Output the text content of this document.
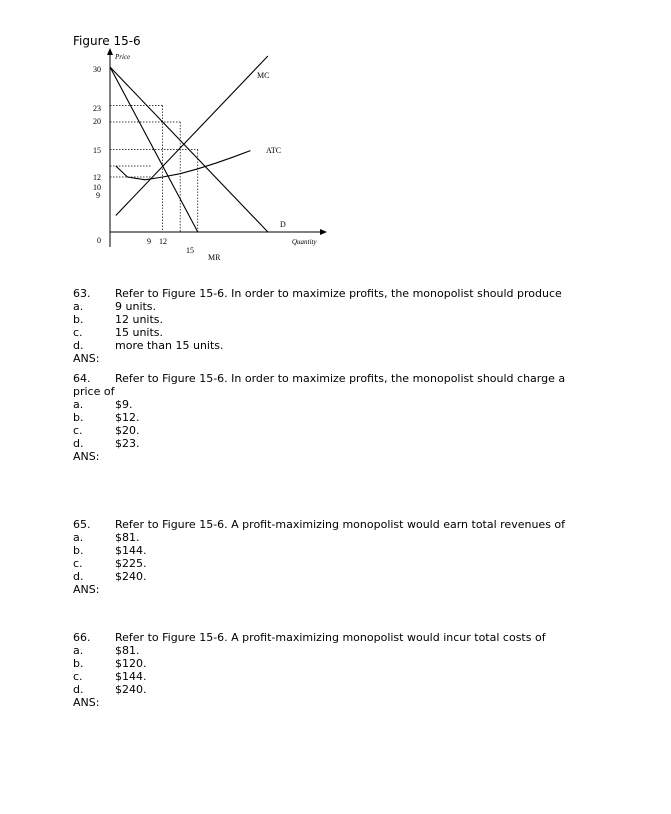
Figure 15-6
Price
Quantity
0
30
23
20
15
12
10
9
9 12
15
MC
ATC
D
MR
63.	Refer to Figure 15-6. In order to maximize profits, the monopolist should produce
a.	9 units.
b.	12 units.
c.	15 units.
d.	more than 15 units.
ANS:
64.	Refer to Figure 15-6. In order to maximize profits, the monopolist should charge a
price of
a.	$9.
b.	$12.
c.	$20.
d.	$23.
ANS:
65.	Refer to Figure 15-6. A profit-maximizing monopolist would earn total revenues of
a.	$81.
b.	$144.
c.	$225.
d.	$240.
ANS:
66.	Refer to Figure 15-6. A profit-maximizing monopolist would incur total costs of
a.	$81.
b.	$120.
c.	$144.
d.	$240.
ANS:
